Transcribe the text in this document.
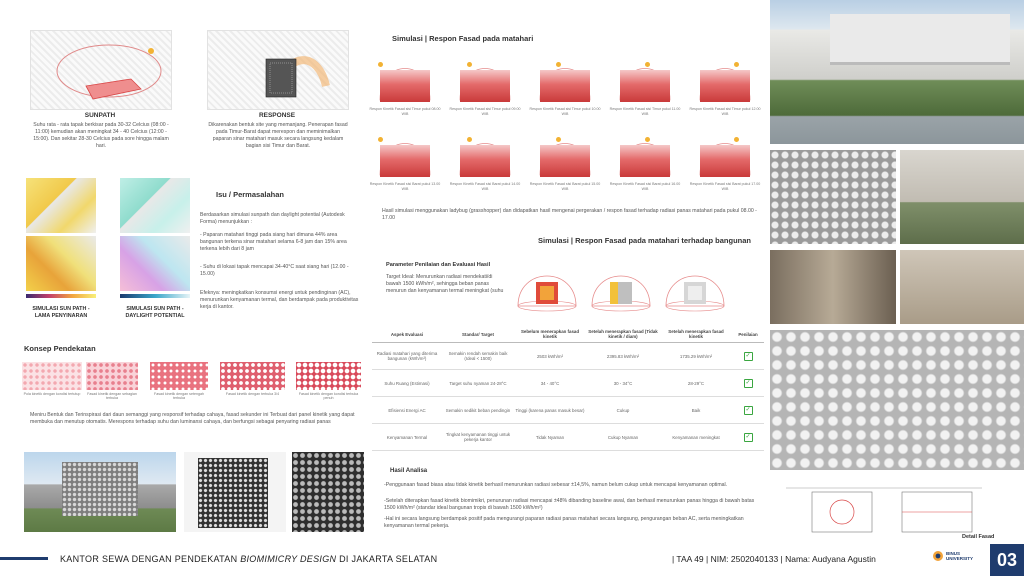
SUNPATH
Suhu rata - rata tapak berkisar pada 30-32 Celcius (08:00 - 11:00) kemudian akan meningkat 34 - 40 Celcius (12:00 - 15:00). Dan sekitar 28-30 Celcius pada sore hingga malam hari.
RESPONSE
Dikarenakan bentuk site yang memanjang. Penerapan fasad pada Timur-Barat dapat merespon dan meminimalkan paparan sinar matahari masuk secara langsung kedalam bagian sisi Timur dan Barat.
SIMULASI SUN PATH - LAMA PENYINARAN
SIMULASI SUN PATH - DAYLIGHT POTENTIAL
Isu / Permasalahan
Berdasarkan simulasi sunpath dan daylight potential (Autodesk Forma) menunjukkan :
- Paparan matahari tinggi pada siang hari dimana 44% area bangunan terkena sinar matahari selama 6-8 jam dan 15% area terkena lebih dari 8 jam
- Suhu di lokasi tapak mencapai 34-40°C saat siang hari (12.00 - 15.00)
Efeknya: meningkatkan konsumsi energi untuk pendinginan (AC), menurunkan kenyamanan termal, dan berdampak pada produktivitas kerja di kantor.
Konsep Pendekatan
Pola kinetik dengan kondisi tertutup	Fasad kinetik dengan sebagian terbuka
Fasad kinetik dengan setengah terbuka
Fasad kinetik dengan terbuka 3/4	Fasad kinetik dengan kondisi terbuka penuh
Meniru Bentuk dan Terinspirasi dari daun semanggi yang responsif terhadap cahaya, fasad sekunder ini Terbuat dari panel kinetik yang dapat membuka dan menutup otomatis. Merespons terhadap suhu dan luminansi cahaya, dan berfungsi sebagai penyaring radiasi panas
Simulasi | Respon Fasad pada matahari
Respon Kinetik Fasad sisi Timur pukul 08.00 WIB
Respon Kinetik Fasad sisi Timur pukul 09.00 WIB
Respon Kinetik Fasad sisi Timur pukul 10.00 WIB
Respon Kinetik Fasad sisi Timur pukul 11.00 WIB
Respon Kinetik Fasad sisi Timur pukul 12.00 WIB
Respon Kinetik Fasad sisi Barat pukul 13.00 WIB
Respon Kinetik Fasad sisi Barat pukul 14.00 WIB
Respon Kinetik Fasad sisi Barat pukul 15.00 WIB
Respon Kinetik Fasad sisi Barat pukul 16.00 WIB
Respon Kinetik Fasad sisi Barat pukul 17.00 WIB
Hasil simulasi menggunakan ladybug (grasshopper) dan didapatkan hasil mengenai pergerakan / respon fasad terhadap radiasi panas matahari pada pukul 08.00 - 17.00
Simulasi | Respon Fasad pada matahari terhadap bangunan
Parameter Penilaian dan Evaluasi Hasil
Target Ideal: Menurunkan radiasi mendekati/di bawah 1500 kWh/m², sehingga beban panas menurun dan kenyamanan termal meningkat (suhu
Aspek Evaluasi	Standar/ Target	Sebelum menerapkan fasad kinetik	Setelah menerapkan fasad (Tidak kinetik / diam)	Setelah menerapkan fasad kinetik	Penilaian
Radiasi matahari yang diterima bangunan (kWh/m²)	Semakin rendah semakin baik (Ideal < 1500)	2503 kWh/m²	2395.83 kWh/m²	1735.29 kWh/m²	✓
Suhu Ruang (Estimasi)	Target suhu nyaman 24-28°C	34 - 40°C	30 - 34°C	28-29°C	✓
Efisiensi Energi AC	Semakin sedikit beban pendingin	Tinggi (karena panas masuk besar)	Cukup	Baik	✓
Kenyamanan Termal	Tingkat kenyamanan tinggi untuk pekerja kantor	Tidak Nyaman	Cukup Nyaman	Kenyamanan meningkat	✓
Hasil Analisa
-Penggunaan fasad biasa atau tidak kinetik berhasil menurunkan radiasi sebesar ±14,5%, namun belum cukup untuk mencapai kenyamanan optimal.
-Setelah diterapkan fasad kinetik biomimikri, penurunan radiasi mencapai ±48% dibanding baseline awal, dan berhasil menurunkan panas hingga di bawah batas 1500 kWh/m² (standar ideal bangunan tropis di bawah 1500 kWh/m²)
-Hal ini secara langsung berdampak positif pada mengurangi paparan radiasi panas matahari secara langsung, pengurangan beban AC, serta meningkatkan kenyamanan termal pekerja.
Detail Fasad
KANTOR SEWA DENGAN PENDEKATAN BIOMIMICRY DESIGN DI JAKARTA SELATAN	| TAA 49 | NIM: 2502040133 | Nama: Audyana Agustin
BINUS UNIVERSITY	03
